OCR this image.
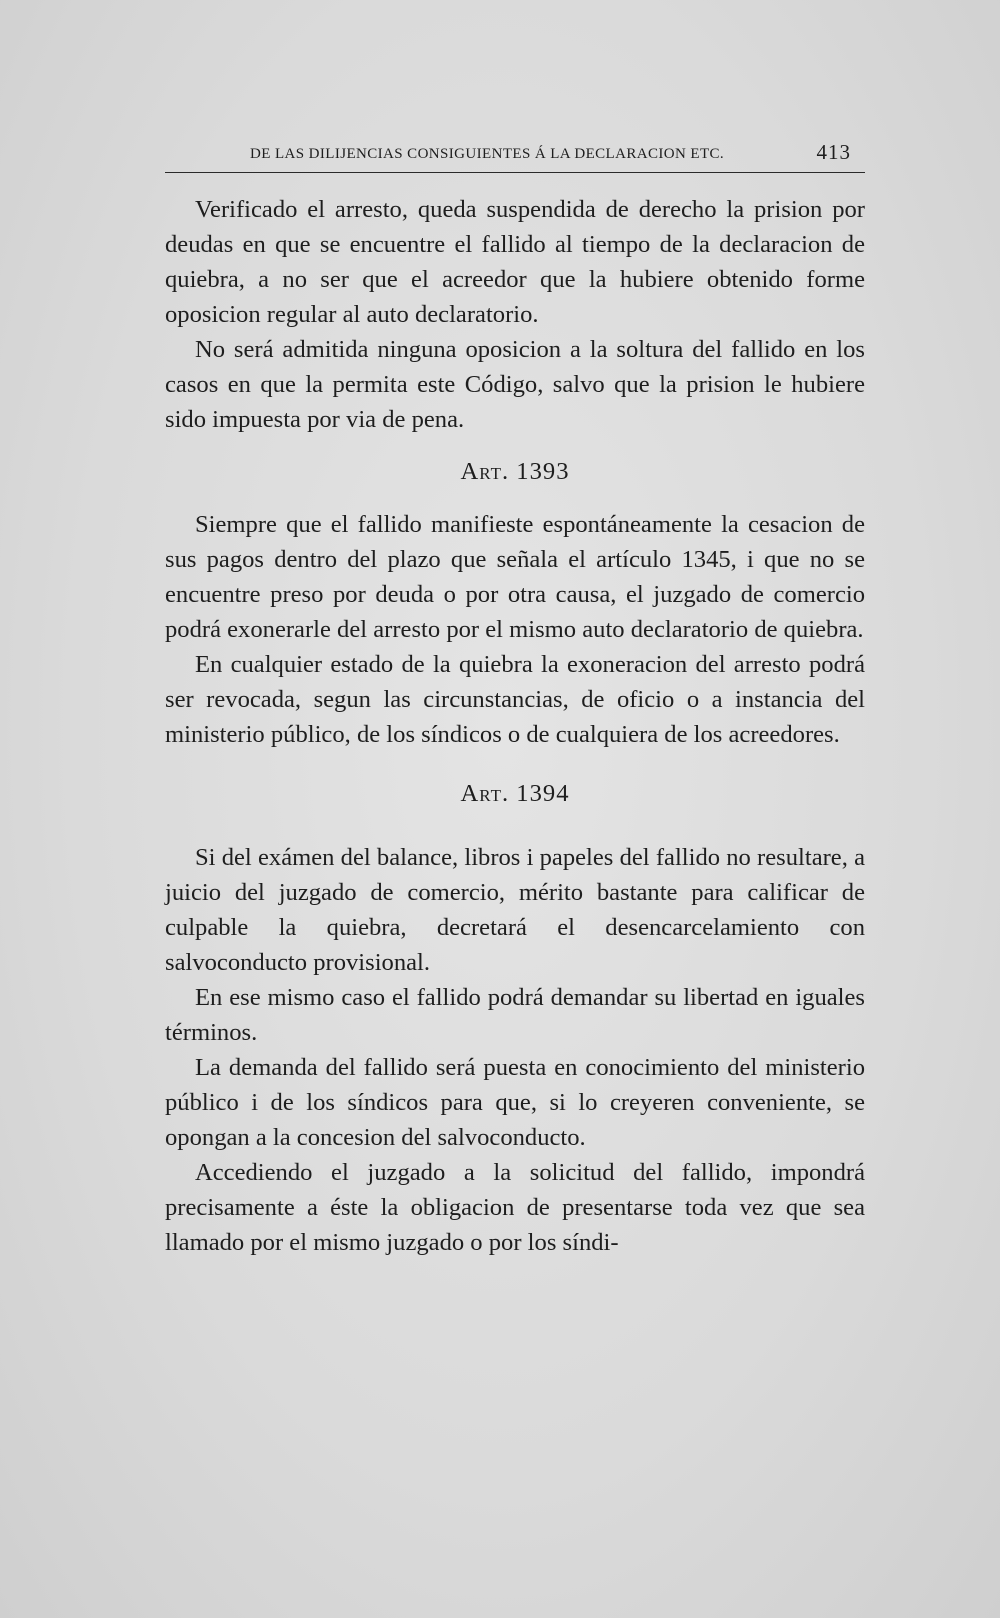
DE LAS DILIJENCIAS CONSIGUIENTES Á LA DECLARACION ETC.	413

Verificado el arresto, queda suspendida de derecho la prision por deudas en que se encuentre el fallido al tiempo de la declaracion de quiebra, a no ser que el acreedor que la hubiere obtenido forme oposicion regular al auto declaratorio.

No será admitida ninguna oposicion a la soltura del fallido en los casos en que la permita este Código, salvo que la prision le hubiere sido impuesta por via de pena.

Art. 1393

Siempre que el fallido manifieste espontáneamente la cesacion de sus pagos dentro del plazo que señala el artículo 1345, i que no se encuentre preso por deuda o por otra causa, el juzgado de comercio podrá exonerarle del arresto por el mismo auto declaratorio de quiebra.

En cualquier estado de la quiebra la exoneracion del arresto podrá ser revocada, segun las circunstancias, de oficio o a instancia del ministerio público, de los síndicos o de cualquiera de los acreedores.

Art. 1394

Si del exámen del balance, libros i papeles del fallido no resultare, a juicio del juzgado de comercio, mérito bastante para calificar de culpable la quiebra, decretará el desencarcelamiento con salvoconducto provisional.

En ese mismo caso el fallido podrá demandar su libertad en iguales términos.

La demanda del fallido será puesta en conocimiento del ministerio público i de los síndicos para que, si lo creyeren conveniente, se opongan a la concesion del salvoconducto.

Accediendo el juzgado a la solicitud del fallido, impondrá precisamente a éste la obligacion de presentarse toda vez que sea llamado por el mismo juzgado o por los síndi-
